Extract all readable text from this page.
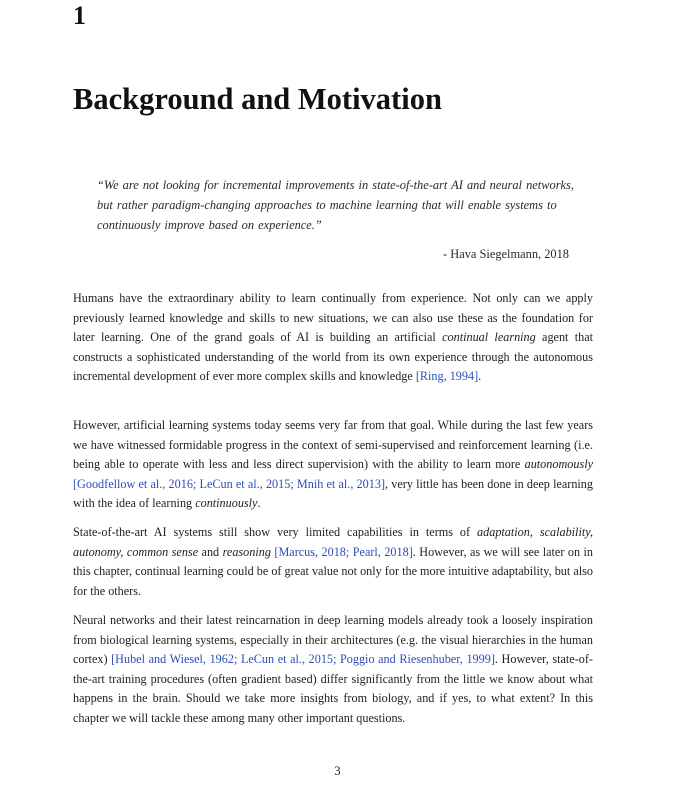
1
Background and Motivation
“We are not looking for incremental improvements in state-of-the-art AI and neural networks, but rather paradigm-changing approaches to machine learning that will enable systems to continuously improve based on experience.”
- Hava Siegelmann, 2018

Humans have the extraordinary ability to learn continually from experience. Not only can we apply previously learned knowledge and skills to new situations, we can also use these as the foundation for later learning. One of the grand goals of AI is building an artificial continual learning agent that constructs a sophisticated understanding of the world from its own experience through the autonomous incremental development of ever more complex skills and knowledge [Ring, 1994].

However, artificial learning systems today seems very far from that goal. While during the last few years we have witnessed formidable progress in the context of semi-supervised and reinforcement learning (i.e. being able to operate with less and less direct supervision) with the ability to learn more autonomously [Goodfellow et al., 2016; LeCun et al., 2015; Mnih et al., 2013], very little has been done in deep learning with the idea of learning continuously.

State-of-the-art AI systems still show very limited capabilities in terms of adaptation, scalability, autonomy, common sense and reasoning [Marcus, 2018; Pearl, 2018]. However, as we will see later on in this chapter, continual learning could be of great value not only for the more intuitive adaptability, but also for the others.

Neural networks and their latest reincarnation in deep learning models already took a loosely inspiration from biological learning systems, especially in their architectures (e.g. the visual hierarchies in the human cortex) [Hubel and Wiesel, 1962; LeCun et al., 2015; Poggio and Riesenhuber, 1999]. However, state-of-the-art training procedures (often gradient based) differ significantly from the little we know about what happens in the brain. Should we take more insights from biology, and if yes, to what extent? In this chapter we will tackle these among many other important questions.

3
